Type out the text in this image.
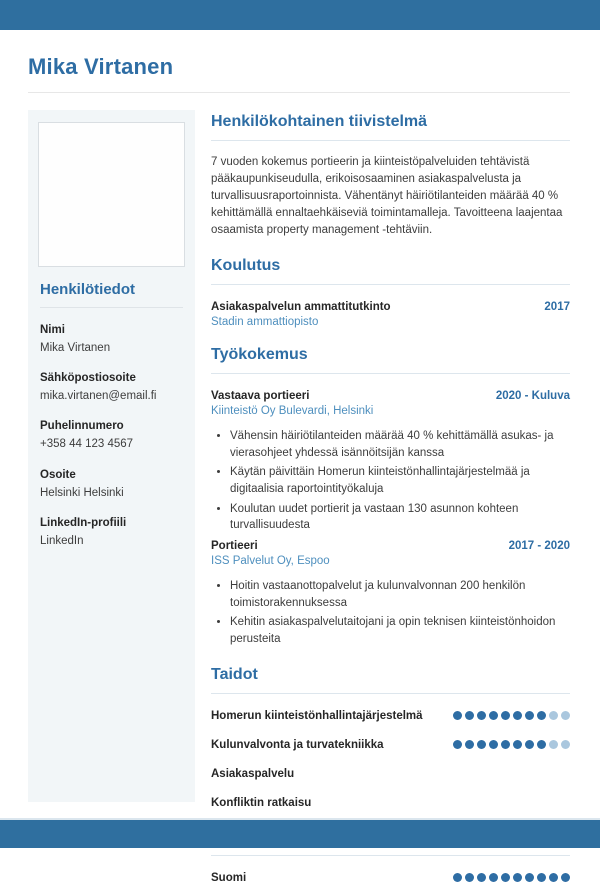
Mika Virtanen
Henkilötiedot
Nimi
Mika Virtanen
Sähköpostiosoite
mika.virtanen@email.fi
Puhelinnumero
+358 44 123 4567
Osoite
Helsinki Helsinki
LinkedIn-profiili
LinkedIn
Henkilökohtainen tiivistelmä

7 vuoden kokemus portieerin ja kiinteistöpalveluiden tehtävistä pääkaupunkiseudulla, erikoisosaaminen asiakaspalvelusta ja turvallisuusraportoinnista. Vähentänyt häiriötilanteiden määrää 40 % kehittämällä ennaltaehkäiseviä toimintamalleja. Tavoitteena laajentaa osaamista property management -tehtäviin.

Koulutus
Asiakaspalvelun ammattitutkinto	2017
Stadin ammattiopisto
Työkokemus
Vastaava portieeri	2020 - Kuluva
Kiinteistö Oy Bulevardi, Helsinki
• Vähensin häiriötilanteiden määrää 40 % kehittämällä asukas- ja vierasohjeet yhdessä isännöitsijän kanssa
• Käytän päivittäin Homerun kiinteistönhallintajärjestelmää ja digitaalisia raportointityökaluja
• Koulutan uudet portierit ja vastaan 130 asunnon kohteen turvallisuudesta
Portieeri	2017 - 2020
ISS Palvelut Oy, Espoo
• Hoitin vastaanottopalvelut ja kulunvalvonnan 200 henkilön toimistorakennuksessa
• Kehitin asiakaspalvelutaitojani ja opin teknisen kiinteistönhoidon perusteita
Taidot
Homerun kiinteistönhallintajärjestelmä
Kulunvalvonta ja turvatekniikka
Asiakaspalvelu
Konfliktin ratkaisu
Suomi
